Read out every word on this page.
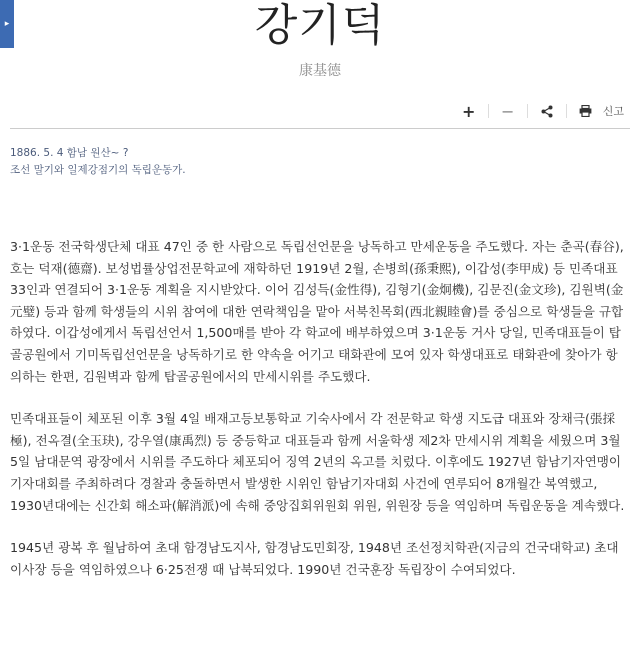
▸	강기덕
康基德
+ −	신고
1886. 5. 4 함남 원산~ ?
조선 말기와 일제강점기의 독립운동가.

3·1운동 전국학생단체 대표 47인 중 한 사람으로 독립선언문을 낭독하고 만세운동을 주도했다. 자는 춘곡(春谷), 호는 덕재(德齋). 보성법률상업전문학교에 재학하던 1919년 2월, 손병희(孫秉熙), 이갑성(李甲成) 등 민족대표 33인과 연결되어 3·1운동 계획을 지시받았다. 이어 김성득(金性得), 김형기(金炯機), 김문진(金文珍), 김원벽(金元璧) 등과 함께 학생들의 시위 참여에 대한 연락책임을 맡아 서북친목회(西北親睦會)를 중심으로 학생들을 규합하였다. 이갑성에게서 독립선언서 1,500매를 받아 각 학교에 배부하였으며 3·1운동 거사 당일, 민족대표들이 탑골공원에서 기미독립선언문을 낭독하기로 한 약속을 어기고 태화관에 모여 있자 학생대표로 태화관에 찾아가 항의하는 한편, 김원벽과 함께 탑골공원에서의 만세시위를 주도했다.

민족대표들이 체포된 이후 3월 4일 배재고등보통학교 기숙사에서 각 전문학교 학생 지도급 대표와 장채극(張採極), 전옥결(全玉玦), 강우열(康禹烈) 등 중등학교 대표들과 함께 서울학생 제2차 만세시위 계획을 세웠으며 3월 5일 남대문역 광장에서 시위를 주도하다 체포되어 징역 2년의 옥고를 치렀다. 이후에도 1927년 함남기자연맹이 기자대회를 주최하려다 경찰과 충돌하면서 발생한 시위인 함남기자대회 사건에 연루되어 8개월간 복역했고, 1930년대에는 신간회 해소파(解消派)에 속해 중앙집회위원회 위원, 위원장 등을 역임하며 독립운동을 계속했다.

1945년 광복 후 월남하여 초대 함경남도지사, 함경남도민회장, 1948년 조선정치학관(지금의 건국대학교) 초대 이사장 등을 역임하였으나 6·25전쟁 때 납북되었다. 1990년 건국훈장 독립장이 수여되었다.
